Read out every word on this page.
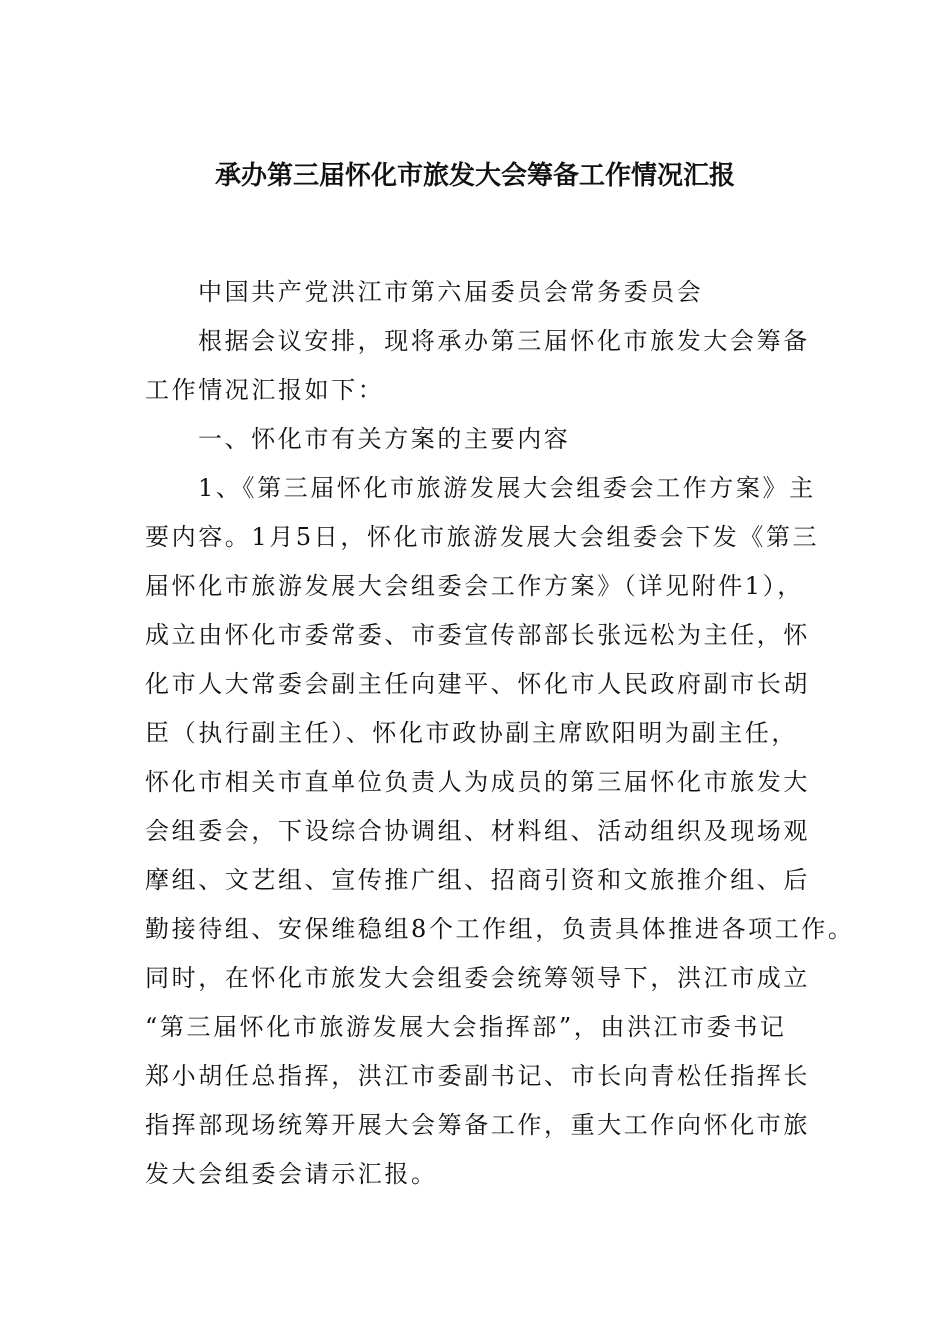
承办第三届怀化市旅发大会筹备工作情况汇报
中国共产党洪江市第六届委员会常务委员会
根据会议安排，现将承办第三届怀化市旅发大会筹备
工作情况汇报如下：
一、怀化市有关方案的主要内容
1、《第三届怀化市旅游发展大会组委会工作方案》主
要内容。1月5日，怀化市旅游发展大会组委会下发《第三
届怀化市旅游发展大会组委会工作方案》（详见附件1），
成立由怀化市委常委、市委宣传部部长张远松为主任，怀
化市人大常委会副主任向建平、怀化市人民政府副市长胡
臣（执行副主任）、怀化市政协副主席欧阳明为副主任，
怀化市相关市直单位负责人为成员的第三届怀化市旅发大
会组委会，下设综合协调组、材料组、活动组织及现场观
摩组、文艺组、宣传推广组、招商引资和文旅推介组、后
勤接待组、安保维稳组8个工作组，负责具体推进各项工作。
同时，在怀化市旅发大会组委会统筹领导下，洪江市成立
“第三届怀化市旅游发展大会指挥部”，由洪江市委书记
郑小胡任总指挥，洪江市委副书记、市长向青松任指挥长
指挥部现场统筹开展大会筹备工作，重大工作向怀化市旅
发大会组委会请示汇报。
